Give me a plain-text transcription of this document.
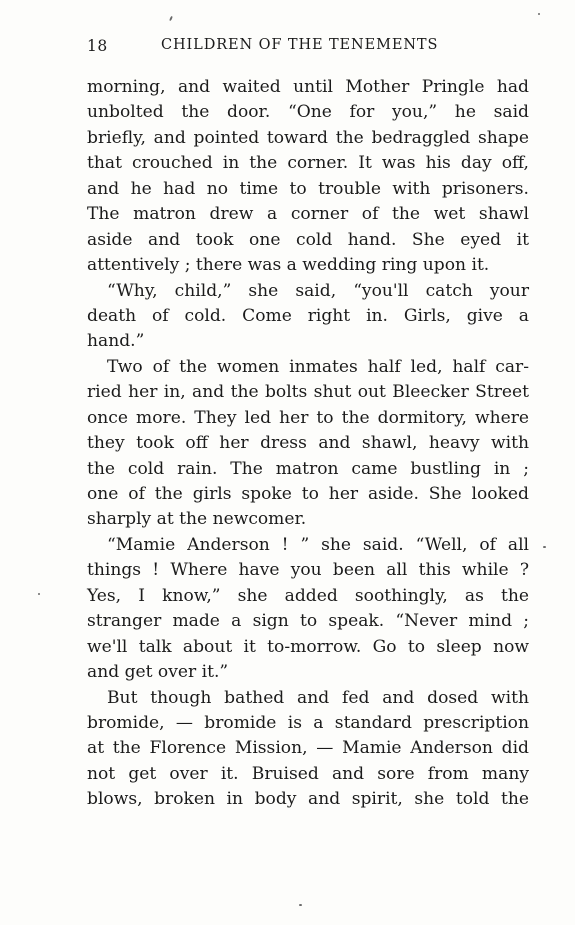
18	CHILDREN OF THE TENEMENTS
morning, and waited until Mother Pringle had
unbolted the door. “One for you,” he said
briefly, and pointed toward the bedraggled shape
that crouched in the corner. It was his day off,
and he had no time to trouble with prisoners.
The matron drew a corner of the wet shawl
aside and took one cold hand. She eyed it
attentively ; there was a wedding ring upon it.
“Why, child,” she said, “you'll catch your
death of cold. Come right in. Girls, give a
hand.”
Two of the women inmates half led, half car-
ried her in, and the bolts shut out Bleecker Street
once more. They led her to the dormitory, where
they took off her dress and shawl, heavy with
the cold rain. The matron came bustling in ;
one of the girls spoke to her aside. She looked
sharply at the newcomer.
“Mamie Anderson ! ” she said. “Well, of all
things ! Where have you been all this while ?
Yes, I know,” she added soothingly, as the
stranger made a sign to speak. “Never mind ;
we'll talk about it to-morrow. Go to sleep now
and get over it.”
But though bathed and fed and dosed with
bromide, — bromide is a standard prescription
at the Florence Mission, — Mamie Anderson did
not get over it. Bruised and sore from many
blows, broken in body and spirit, she told the
